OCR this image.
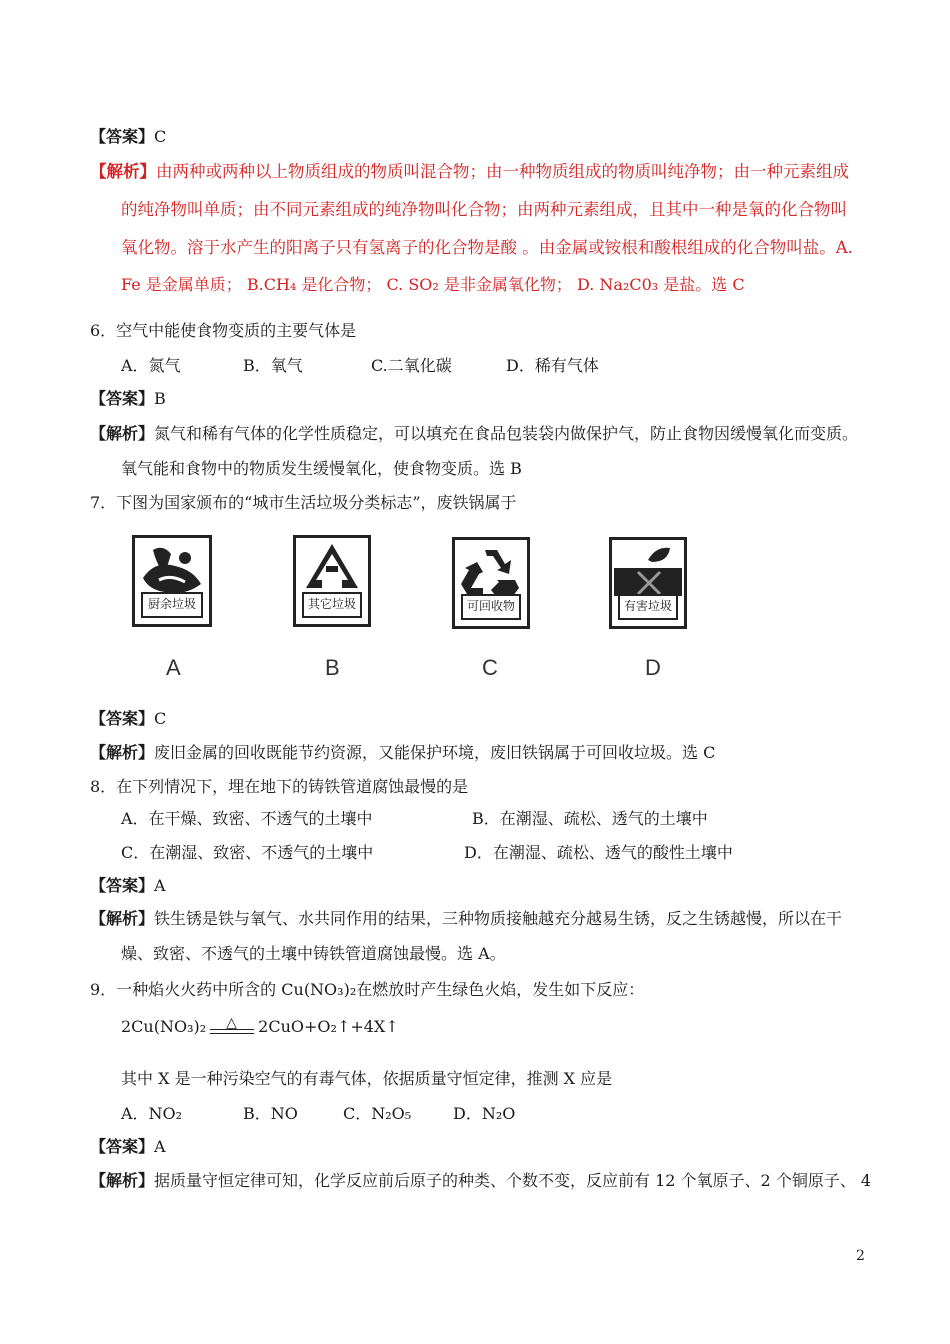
【答案】C
【解析】由两种或两种以上物质组成的物质叫混合物；由一种物质组成的物质叫纯净物；由一种元素组成
的纯净物叫单质；由不同元素组成的纯净物叫化合物；由两种元素组成，且其中一种是氧的化合物叫
氧化物。溶于水产生的阳离子只有氢离子的化合物是酸 。由金属或铵根和酸根组成的化合物叫盐。A.
Fe 是金属单质； B.CH₄ 是化合物； C. SO₂ 是非金属氧化物； D. Na₂C0₃ 是盐。选 C
6．空气中能使食物变质的主要气体是
A．氮气	B．氧气	C.二氧化碳	D．稀有气体
【答案】B
【解析】氮气和稀有气体的化学性质稳定，可以填充在食品包装袋内做保护气，防止食物因缓慢氧化而变质。
氧气能和食物中的物质发生缓慢氧化，使食物变质。选 B
7．下图为国家颁布的“城市生活垃圾分类标志”，废铁锅属于
厨余垃圾
A
其它垃圾
B
可回收物
C
有害垃圾
D
【答案】C
【解析】废旧金属的回收既能节约资源，又能保护环境，废旧铁锅属于可回收垃圾。选 C
8．在下列情况下，埋在地下的铸铁管道腐蚀最慢的是
A．在干燥、致密、不透气的土壤中	B．在潮湿、疏松、透气的土壤中
C．在潮湿、致密、不透气的土壤中	D．在潮湿、疏松、透气的酸性土壤中
【答案】A
【解析】铁生锈是铁与氧气、水共同作用的结果，三种物质接触越充分越易生锈，反之生锈越慢，所以在干
燥、致密、不透气的土壤中铸铁管道腐蚀最慢。选 A。
9．一种焰火火药中所含的 Cu(NO₃)₂在燃放时产生绿色火焰，发生如下反应：
2Cu(NO₃)₂ △ 2CuO+O₂↑+4X↑
其中 X 是一种污染空气的有毒气体，依据质量守恒定律，推测 X 应是
A．NO₂	B．NO	C．N₂O₅	D．N₂O
【答案】A
【解析】据质量守恒定律可知，化学反应前后原子的种类、个数不变，反应前有 12 个氧原子、2 个铜原子、 4
2
